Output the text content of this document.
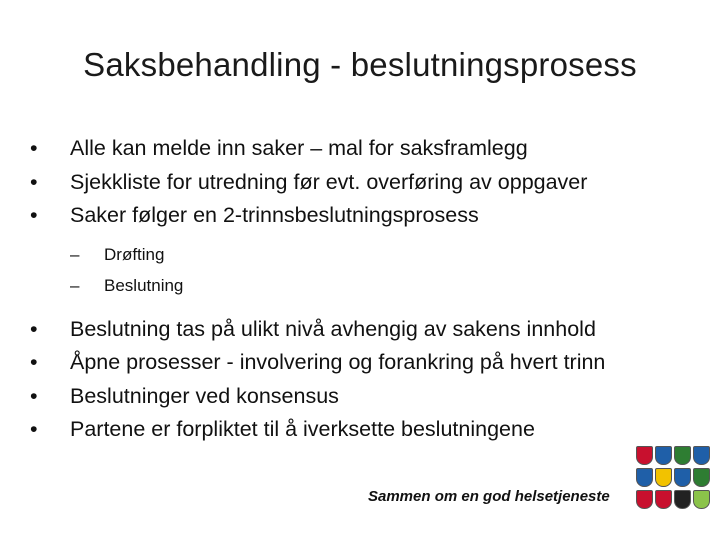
Saksbehandling - beslutningsprosess
•	Alle kan melde inn saker – mal for saksframlegg
•	Sjekkliste for utredning før evt. overføring av oppgaver
•	Saker følger en 2-trinnsbeslutningsprosess
–	Drøfting
–	Beslutning
•	Beslutning tas på ulikt nivå avhengig av sakens innhold
•	Åpne prosesser - involvering og forankring på hvert trinn
•	Beslutninger ved konsensus
•	Partene er forpliktet til å iverksette beslutningene
Sammen om en god helsetjeneste
